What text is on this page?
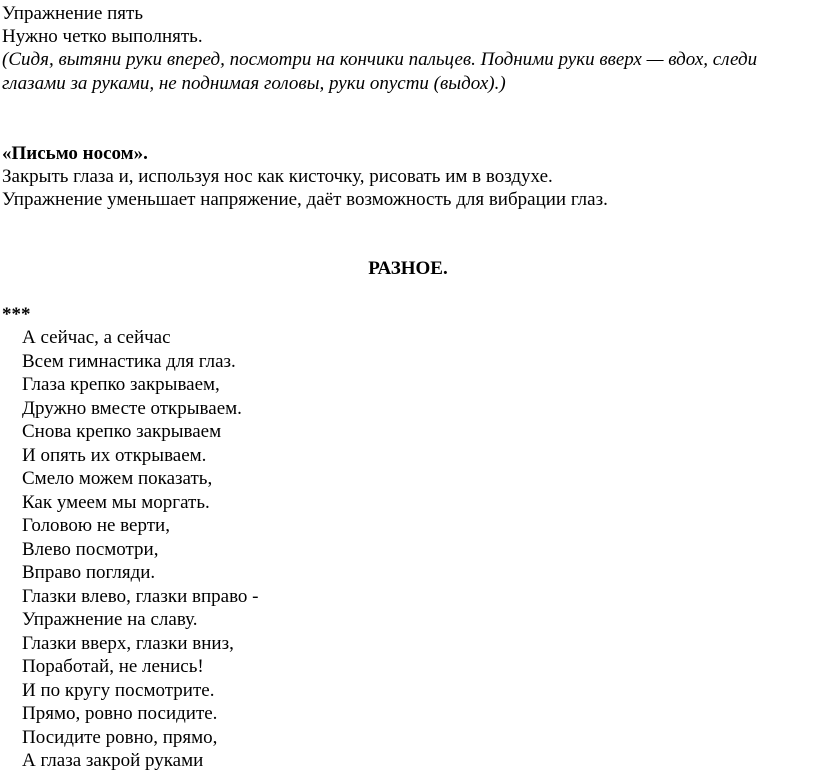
Упражнение пять
Нужно четко выполнять.
(Сидя, вытяни руки вперед, посмотри на кончики пальцев. Подними руки вверх — вдох, следи
глазами за руками, не поднимая головы, руки опусти (выдох).)
«Письмо носом».
Закрыть глаза и, используя нос как кисточку, рисовать им в воздухе.
Упражнение уменьшает напряжение, даёт возможность для вибрации глаз.
РАЗНОЕ.
***
А сейчас, а сейчас
Всем гимнастика для глаз.
Глаза крепко закрываем,
Дружно вместе открываем.
Снова крепко закрываем
И опять их открываем.
Смело можем показать,
Как умеем мы моргать.
Головою не верти,
Влево посмотри,
Вправо погляди.
Глазки влево, глазки вправо -
Упражнение на славу.
Глазки вверх, глазки вниз,
Поработай, не ленись!
И по кругу посмотрите.
Прямо, ровно посидите.
Посидите ровно, прямо,
А глаза закрой руками
